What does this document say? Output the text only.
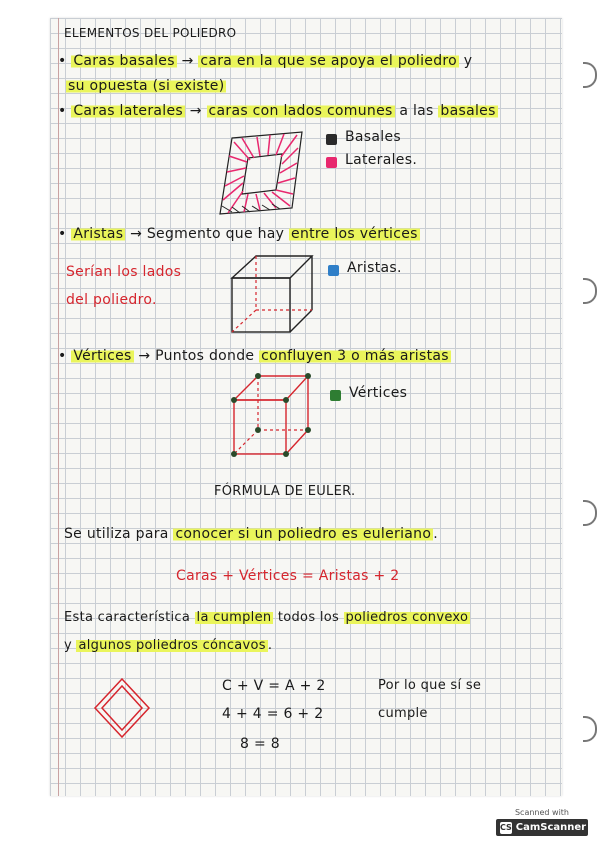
ELEMENTOS DEL POLIEDRO
• Caras basales → cara en la que se apoya el poliedro y
su opuesta (si existe)
• Caras laterales → caras con lados comunes a las basales
Basales
Laterales.
• Aristas → Segmento que hay entre los vértices
Serían los lados
del poliedro.
Aristas.
• Vértices → Puntos donde confluyen 3 o más aristas
Vértices
FÓRMULA DE EULER.
Se utiliza para conocer si un poliedro es euleriano .
Caras + Vértices = Aristas + 2
Esta característica la cumplen todos los poliedros convexo
y algunos poliedros cóncavos .
C + V = A + 2
4 + 4 = 6 + 2
8 = 8
Por lo que sí se
cumple
Scanned with
CS CamScanner
